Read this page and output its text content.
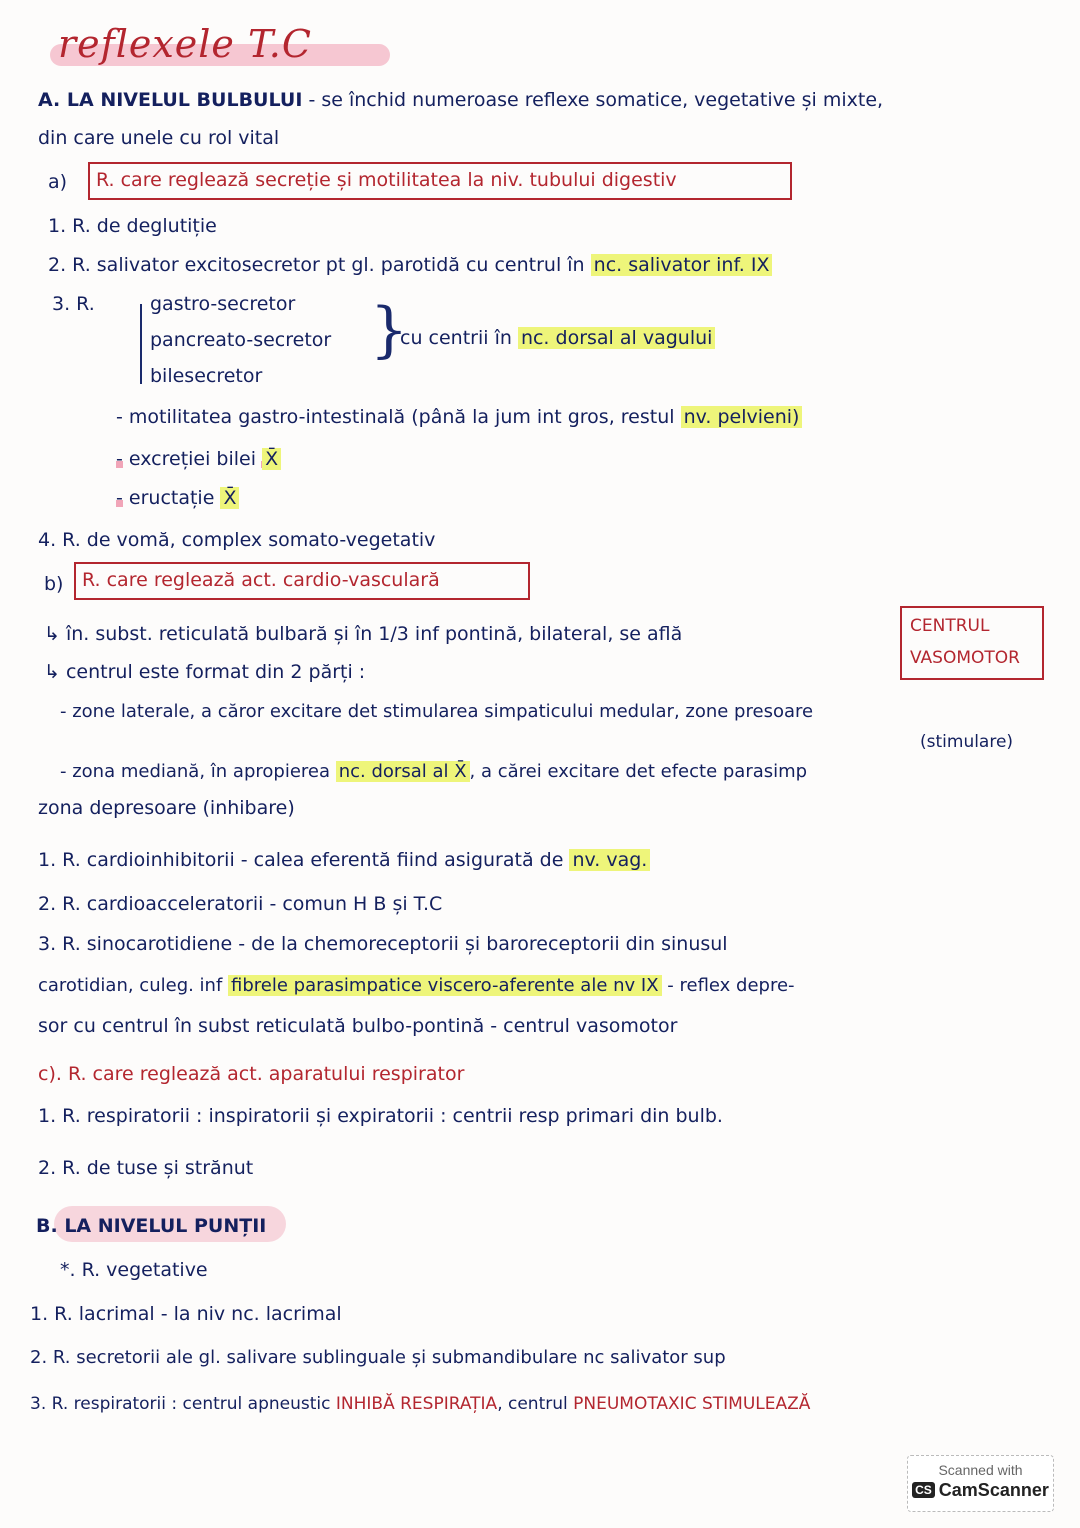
reflexele T.C
A. LA NIVELUL BULBULUI - se închid numeroase reflexe somatice, vegetative și mixte,
din care unele cu rol vital
a) R. care reglează secreție și motilitatea la niv. tubului digestiv
1. R. de deglutiție
2. R. salivator excitosecretor pt gl. parotidă cu centrul în nc. salivator inf. IX
3. R.	gastro-secretor
pancreato-secretor
bilesecretor
}
cu centrii în nc. dorsal al vagului
- motilitatea gastro-intestinală (până la jum int gros, restul nv. pelvieni)
- excreției bilei X̄
- eructație X̄
4. R. de vomă, complex somato-vegetativ
b) R. care reglează act. cardio-vasculară
↳ în. subst. reticulată bulbară și în 1/3 inf pontină, bilateral, se află	CENTRUL
VASOMOTOR
↳ centrul este format din 2 părți :
- zone laterale, a căror excitare det stimularea simpaticului medular, zone presoare
(stimulare)
- zona mediană, în apropierea nc. dorsal al X̄ , a cărei excitare det efecte parasimp
zona depresoare (inhibare)
1. R. cardioinhibitorii - calea eferentă fiind asigurată de nv. vag.
2. R. cardioacceleratorii - comun H B și T.C
3. R. sinocarotidiene - de la chemoreceptorii și baroreceptorii din sinusul
carotidian, culeg. inf fibrele parasimpatice viscero-aferente ale nv IX - reflex depre-
sor cu centrul în subst reticulată bulbo-pontină - centrul vasomotor
c). R. care reglează act. aparatului respirator
1. R. respiratorii : inspiratorii și expiratorii : centrii resp primari din bulb.
2. R. de tuse și strănut
B. LA NIVELUL PUNȚII
*. R. vegetative
1. R. lacrimal - la niv nc. lacrimal
2. R. secretorii ale gl. salivare sublinguale și submandibulare nc salivator sup
3. R. respiratorii : centrul apneustic INHIBĂ RESPIRAȚIA, centrul PNEUMOTAXIC STIMULEAZĂ
Scanned with
CS CamScanner
